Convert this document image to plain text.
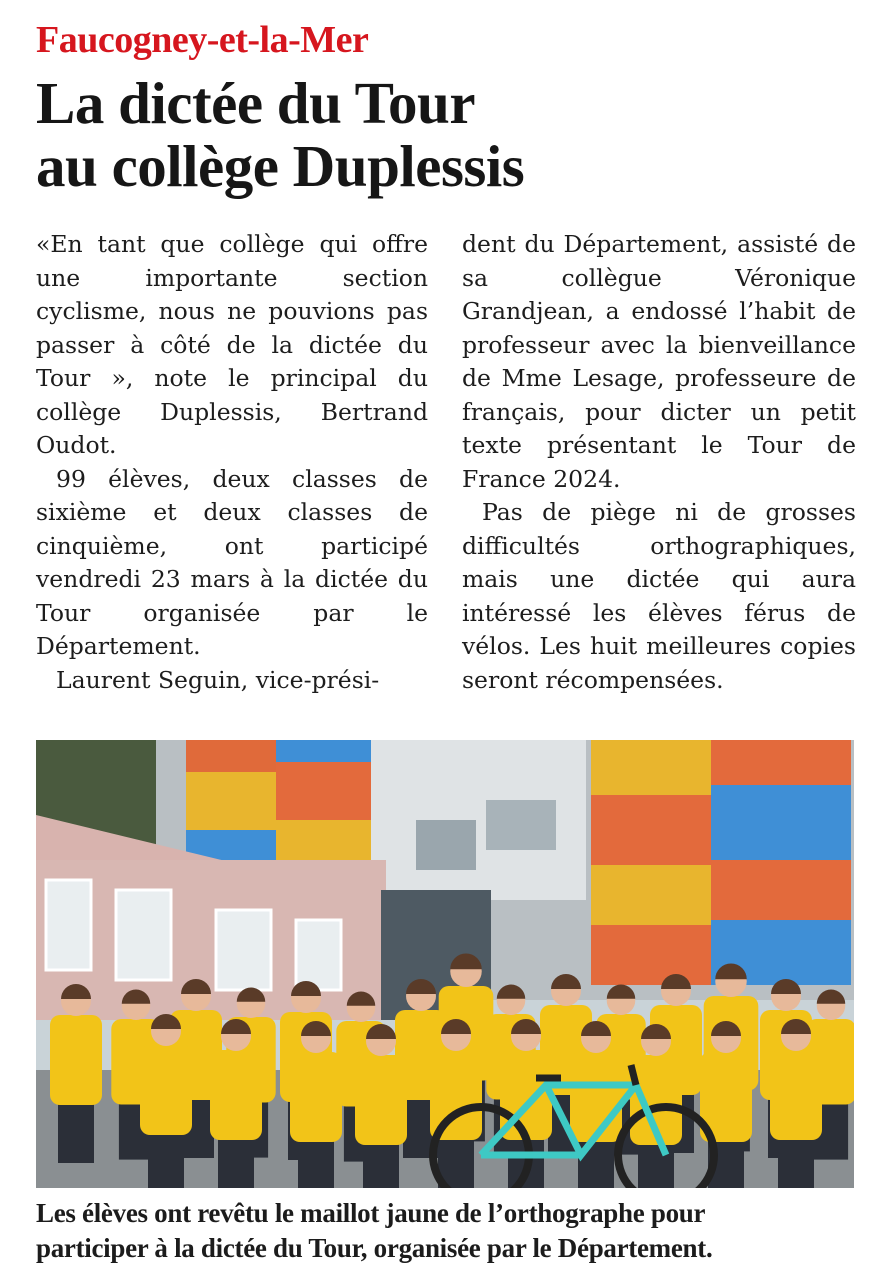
Faucogney-et-la-Mer
La dictée du Tour
au collège Duplessis

«En tant que collège qui offre une importante section cyclisme, nous ne pouvions pas passer à côté de la dictée du Tour », note le principal du collège Duplessis, Bertrand Oudot.

99 élèves, deux classes de sixième et deux classes de cinquième, ont participé vendredi 23 mars à la dictée du Tour organisée par le Département.

Laurent Seguin, vice-prési-

dent du Département, assisté de sa collègue Véronique Grandjean, a endossé l’habit de professeur avec la bienveillance de Mme Lesage, professeure de français, pour dicter un petit texte présentant le Tour de France 2024.

Pas de piège ni de grosses difficultés orthographiques, mais une dictée qui aura intéressé les élèves férus de vélos. Les huit meilleures copies seront récompensées.

Les élèves ont revêtu le maillot jaune de l’orthographe pour
participer à la dictée du Tour, organisée par le Département.
